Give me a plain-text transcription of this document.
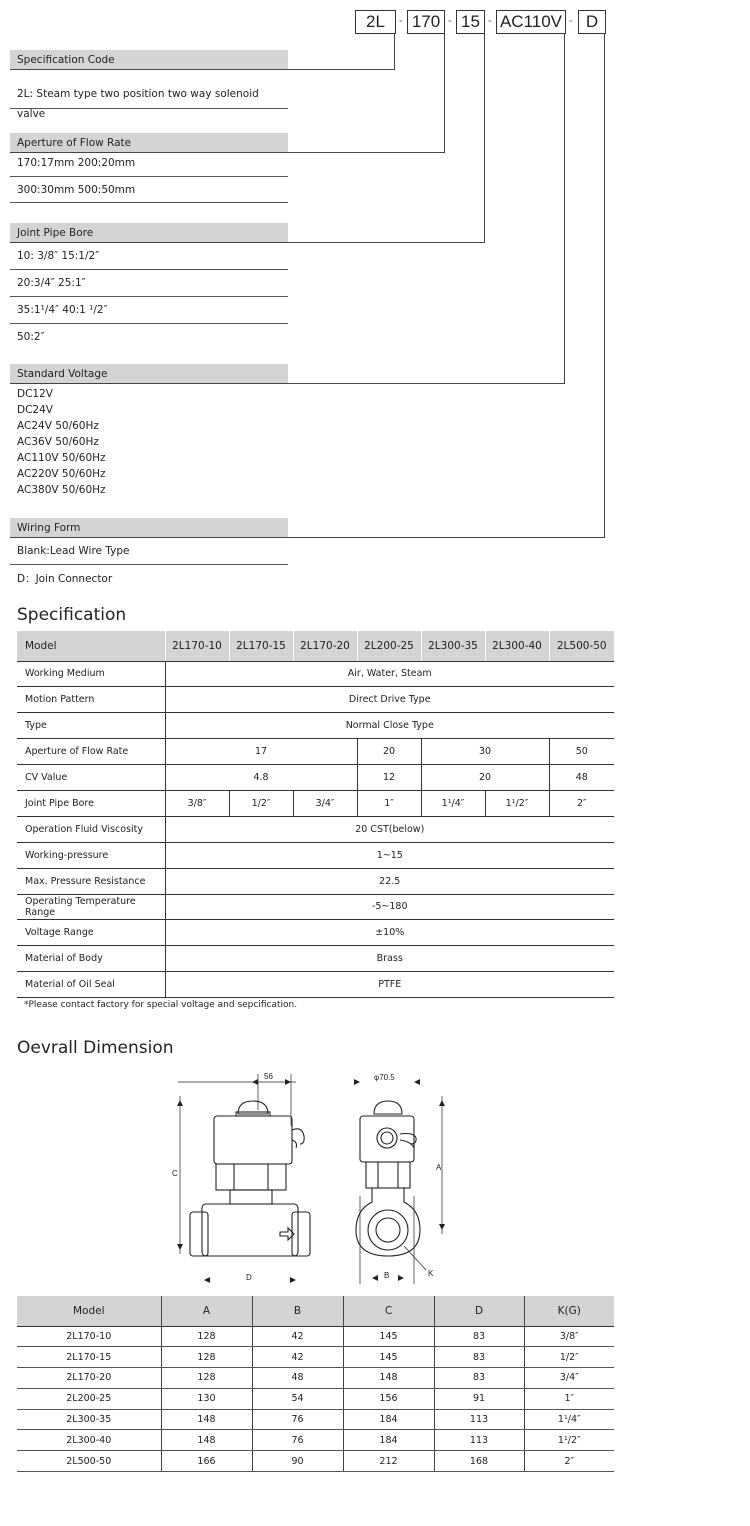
2L	- 170 - 15 - AC110V - D
Specification Code
2L: Steam type two position two way solenoid valve
Aperture of Flow Rate
170:17mm 200:20mm
300:30mm 500:50mm
Joint Pipe Bore
10: 3/8″ 15:1/2″
20:3/4″ 25:1″
35:1¹/4″ 40:1 ¹/2″
50:2″
Standard Voltage
DC12V
DC24V
AC24V 50/60Hz
AC36V 50/60Hz
AC110V 50/60Hz
AC220V 50/60Hz
AC380V 50/60Hz
Wiring Form
Blank:Lead Wire Type
D：Join Connector
Specification
Model	2L170-10	2L170-15	2L170-20	2L200-25	2L300-35	2L300-40	2L500-50
Working Medium	Air, Water, Steam						
Motion Pattern	Direct Drive Type						
Type	Normal Close Type						
Aperture of Flow Rate	17			20	30		50
CV Value	4.8			12	20		48
Joint Pipe Bore	3/8″	1/2″	3/4″	1″	1¹/4″	1¹/2″	2″
Operation Fluid Viscosity	20 CST(below)						
Working-pressure	1~15						
Max. Pressure Resistance	22.5						
Operating Temperature Range	-5~180						
Voltage Range	±10%						
Material of Body	Brass						
Material of Oil Seal	PTFE						
*Please contact factory for special voltage and sepcification.
Oevrall Dimension
56
C
D
φ70.5
A
B	K
Model	A	B	C	D	K(G)
2L170-10	128	42	145	83	3/8″
2L170-15	128	42	145	83	1/2″
2L170-20	128	48	148	83	3/4″
2L200-25	130	54	156	91	1″
2L300-35	148	76	184	113	1¹/4″
2L300-40	148	76	184	113	1¹/2″
2L500-50	166	90	212	168	2″
